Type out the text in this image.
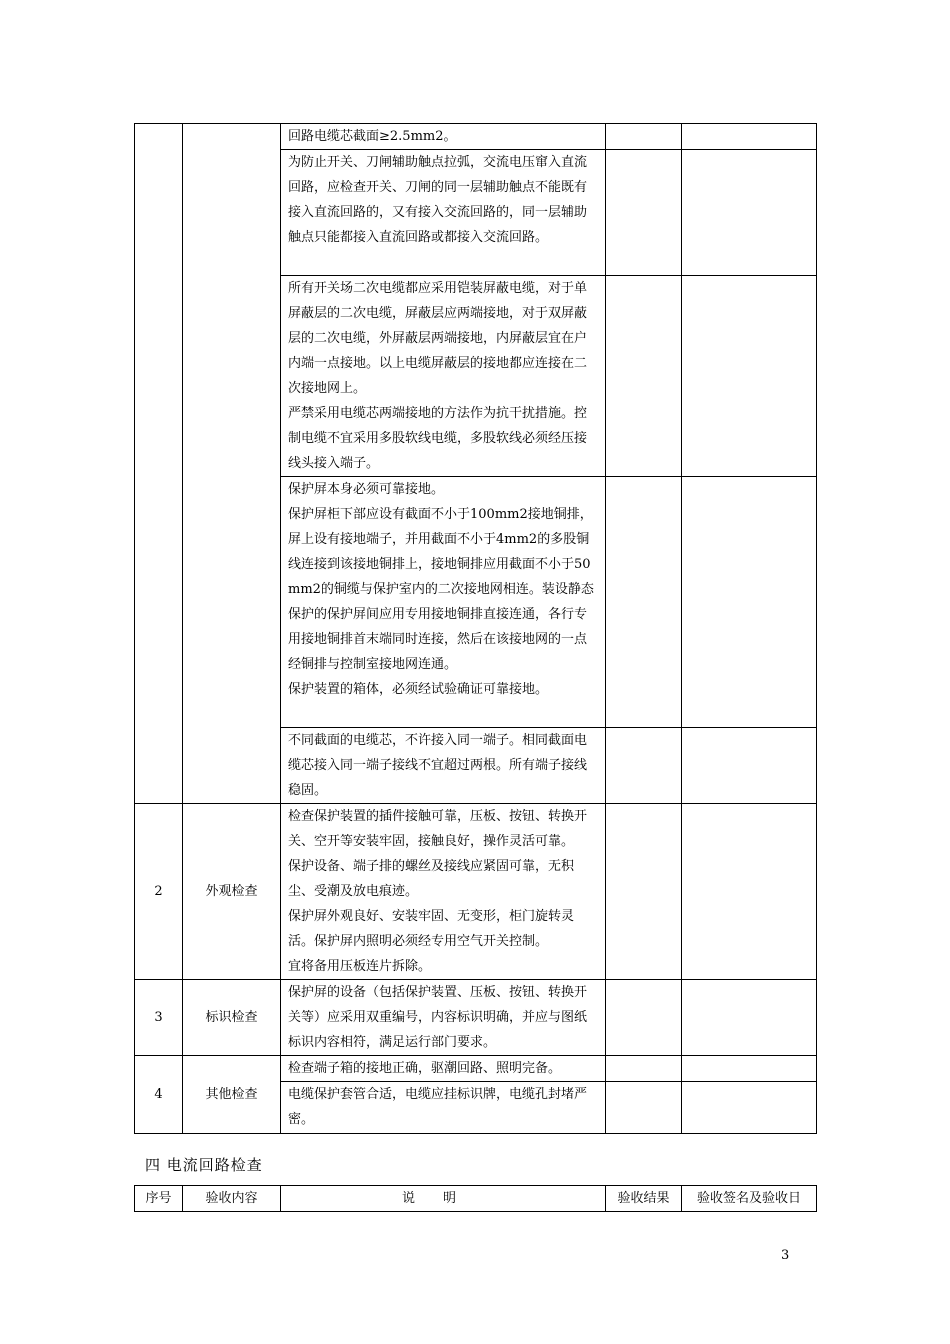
		回路电缆芯截面≥2.5mm2。		
		为防止开关、刀闸辅助触点拉弧，交流电压窜入直流回路，应检查开关、刀闸的同一层辅助触点不能既有接入直流回路的，又有接入交流回路的，同一层辅助触点只能都接入直流回路或都接入交流回路。		

		所有开关场二次电缆都应采用铠装屏蔽电缆，对于单屏蔽层的二次电缆，屏蔽层应两端接地，对于双屏蔽层的二次电缆，外屏蔽层两端接地，内屏蔽层宜在户内端一点接地。以上电缆屏蔽层的接地都应连接在二次接地网上。
严禁采用电缆芯两端接地的方法作为抗干扰措施。控制电缆不宜采用多股软线电缆，多股软线必须经压接线头接入端子。		

		保护屏本身必须可靠接地。
保护屏柜下部应设有截面不小于100mm2接地铜排，屏上设有接地端子，并用截面不小于4mm2的多股铜线连接到该接地铜排上，接地铜排应用截面不小于50mm2的铜缆与保护室内的二次接地网相连。装设静态保护的保护屏间应用专用接地铜排直接连通，各行专用接地铜排首末端同时连接，然后在该接地网的一点经铜排与控制室接地网连通。
保护装置的箱体，必须经试验确证可靠接地。		

		不同截面的电缆芯，不许接入同一端子。相同截面电缆芯接入同一端子接线不宜超过两根。所有端子接线稳固。		
2	外观检查	检查保护装置的插件接触可靠，压板、按钮、转换开关、空开等安装牢固，接触良好，操作灵活可靠。
保护设备、端子排的螺丝及接线应紧固可靠，无积尘、受潮及放电痕迹。
保护屏外观良好、安装牢固、无变形，柜门旋转灵活。保护屏内照明必须经专用空气开关控制。
宜将备用压板连片拆除。		

3	标识检查	保护屏的设备（包括保护装置、压板、按钮、转换开关等）应采用双重编号，内容标识明确，并应与图纸标识内容相符，满足运行部门要求。		
4	其他检查	检查端子箱的接地正确，驱潮回路、照明完备。		
		电缆保护套管合适，电缆应挂标识牌，电缆孔封堵严密。		
四 电流回路检查
序号	验收内容	说明	验收结果	验收签名及验收日
3
